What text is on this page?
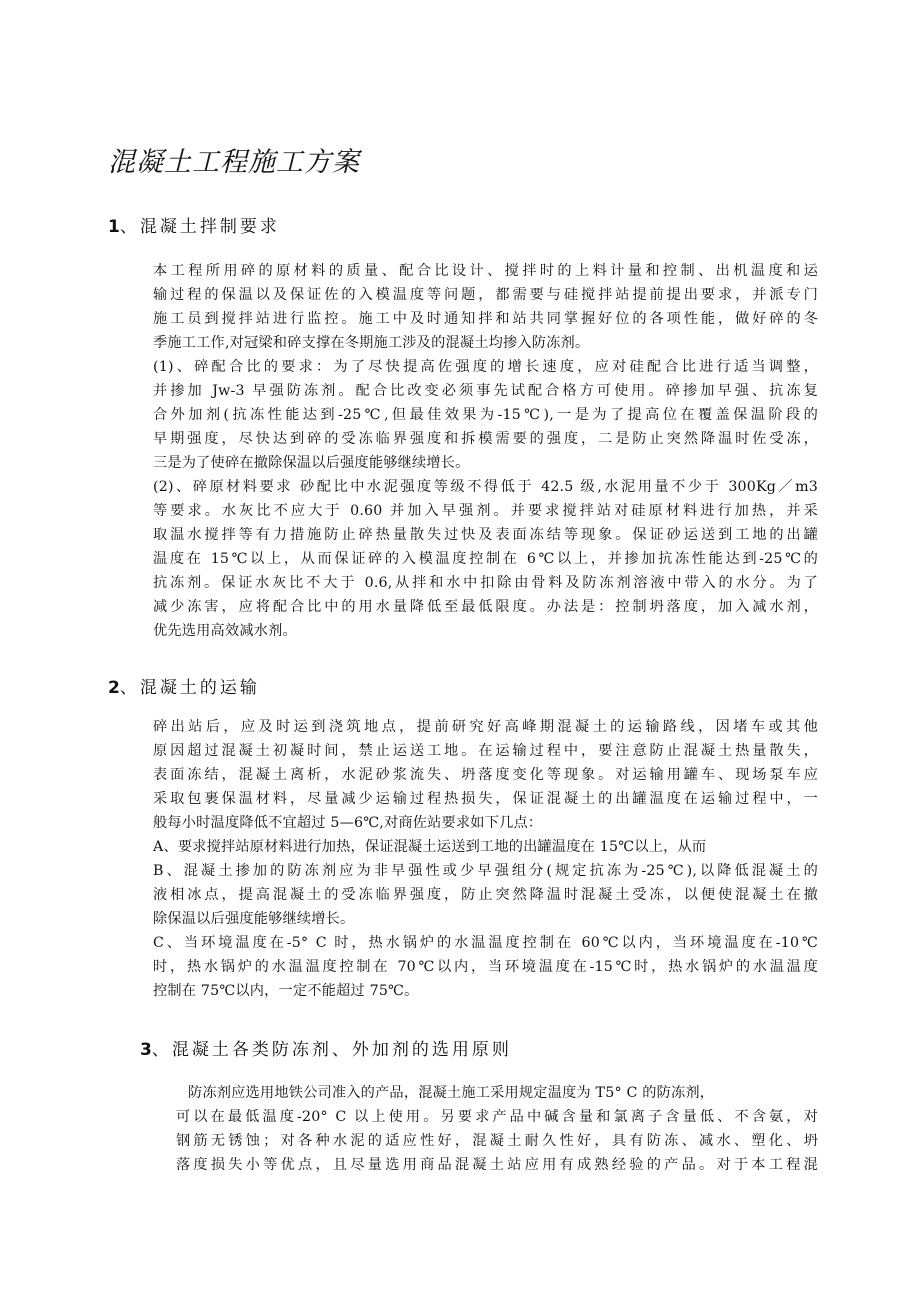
混凝土工程施工方案
1、混凝土拌制要求
本工程所用碎的原材料的质量、配合比设计、搅拌时的上料计量和控制、出机温度和运
输过程的保温以及保证佐的入模温度等问题，都需要与硅搅拌站提前提出要求，并派专门
施工员到搅拌站进行监控。施工中及时通知拌和站共同掌握好位的各项性能，做好碎的冬
季施工工作,对冠梁和碎支撑在冬期施工涉及的混凝土均掺入防冻剂。
(1)、碎配合比的要求：为了尽快提高佐强度的增长速度，应对硅配合比进行适当调整，
并掺加 Jw-3 早强防冻剂。配合比改变必须事先试配合格方可使用。碎掺加早强、抗冻复
合外加剂(抗冻性能达到-25℃,但最佳效果为-15℃),一是为了提高位在覆盖保温阶段的
早期强度，尽快达到碎的受冻临界强度和拆模需要的强度，二是防止突然降温时佐受冻，
三是为了使碎在撤除保温以后强度能够继续增长。
(2)、碎原材料要求 砂配比中水泥强度等级不得低于 42.5 级,水泥用量不少于 300Kg／m3
等要求。水灰比不应大于 0.60 并加入早强剂。并要求搅拌站对硅原材料进行加热，并采
取温水搅拌等有力措施防止碎热量散失过快及表面冻结等现象。保证砂运送到工地的出罐
温度在 15℃以上，从而保证碎的入模温度控制在 6℃以上，并掺加抗冻性能达到-25℃的
抗冻剂。保证水灰比不大于 0.6,从拌和水中扣除由骨料及防冻剂溶液中带入的水分。为了
减少冻害，应将配合比中的用水量降低至最低限度。办法是：控制坍落度，加入减水剂，
优先选用高效减水剂。
2、混凝土的运输
碎出站后，应及时运到浇筑地点，提前研究好高峰期混凝土的运输路线，因堵车或其他
原因超过混凝土初凝时间，禁止运送工地。在运输过程中，要注意防止混凝土热量散失，
表面冻结，混凝土离析，水泥砂浆流失、坍落度变化等现象。对运输用罐车、现场泵车应
采取包裹保温材料，尽量减少运输过程热损失，保证混凝土的出罐温度在运输过程中，一
般每小时温度降低不宜超过 5—6℃,对商佐站要求如下几点：
A、要求搅拌站原材料进行加热，保证混凝土运送到工地的出罐温度在 15℃以上，从而
B、混凝土掺加的防冻剂应为非早强性或少早强组分(规定抗冻为-25℃),以降低混凝土的
液相冰点，提高混凝土的受冻临界强度，防止突然降温时混凝土受冻，以便使混凝土在撤
除保温以后强度能够继续增长。
C、当环境温度在-5° C 时，热水锅炉的水温温度控制在 60℃以内，当环境温度在-10℃
时，热水锅炉的水温温度控制在 70℃以内，当环境温度在-15℃时，热水锅炉的水温温度
控制在 75℃以内，一定不能超过 75℃。
3、混凝土各类防冻剂、外加剂的选用原则
防冻剂应选用地铁公司准入的产品，混凝土施工采用规定温度为 T5° C 的防冻剂，
可以在最低温度-20° C 以上使用。另要求产品中碱含量和氯离子含量低、不含氨，对
钢筋无锈蚀；对各种水泥的适应性好，混凝土耐久性好，具有防冻、减水、塑化、坍
落度损失小等优点，且尽量选用商品混凝土站应用有成熟经验的产品。对于本工程混
